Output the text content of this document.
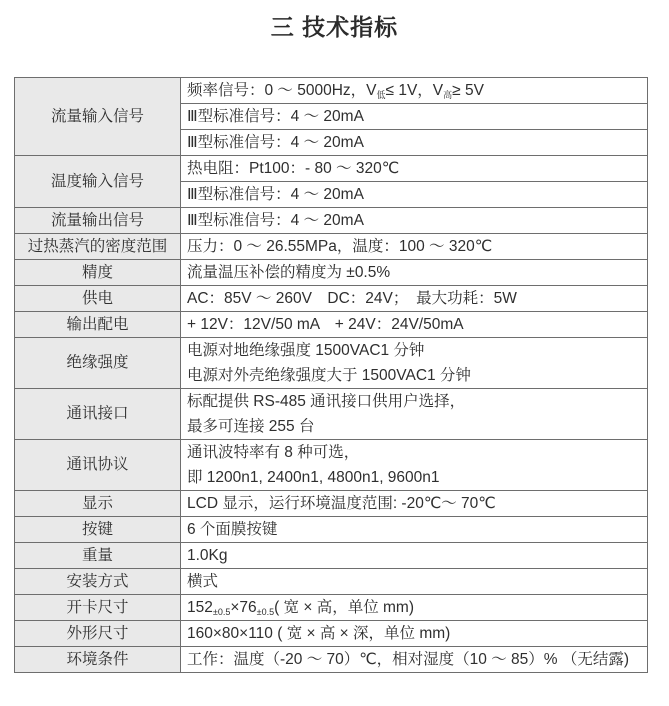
三 技术指标
流量输入信号	频率信号：0 ～ 5000Hz，$V_低\le 1V$，$V_高\ge 5V$

	Ⅲ型标准信号：4 ～ 20mA

	Ⅲ型标准信号：4 ～ 20mA

温度输入信号	热电阻：Pt100：- 80 ～ 320℃

	Ⅲ型标准信号：4 ～ 20mA

流量输出信号	Ⅲ型标准信号：4 ～ 20mA

过热蒸汽的密度范围	压力：0 ～ 26.55MPa，温度：100 ～ 320℃

精度	流量温压补偿的精度为 ±0.5%

供电	AC：85V ～ 260V　DC：24V；　最大功耗：5W

输出配电	+ 12V：12V/50 mA　+ 24V：24V/50mA

绝缘强度	电源对地绝缘强度 1500VAC1 分钟
电源对外壳绝缘强度大于 1500VAC1 分钟

通讯接口	标配提供 RS-485 通讯接口供用户选择，
最多可连接 255 台

通讯协议	通讯波特率有 8 种可选，
即 1200n1, 2400n1, 4800n1, 9600n1

显示	LCD 显示，运行环境温度范围: -20℃～ 70℃

按键	6 个面膜按键

重量	1.0Kg

安装方式	横式

开卡尺寸	$152_{\pm 0.5}\times 76_{\pm 0.5}$( 宽 × 高，单位 mm)

外形尺寸	160×80×110 ( 宽 × 高 × 深，单位 mm)

环境条件	工作：温度（-20 ～ 70）℃，相对湿度（10 ～ 85）% （无结露)
